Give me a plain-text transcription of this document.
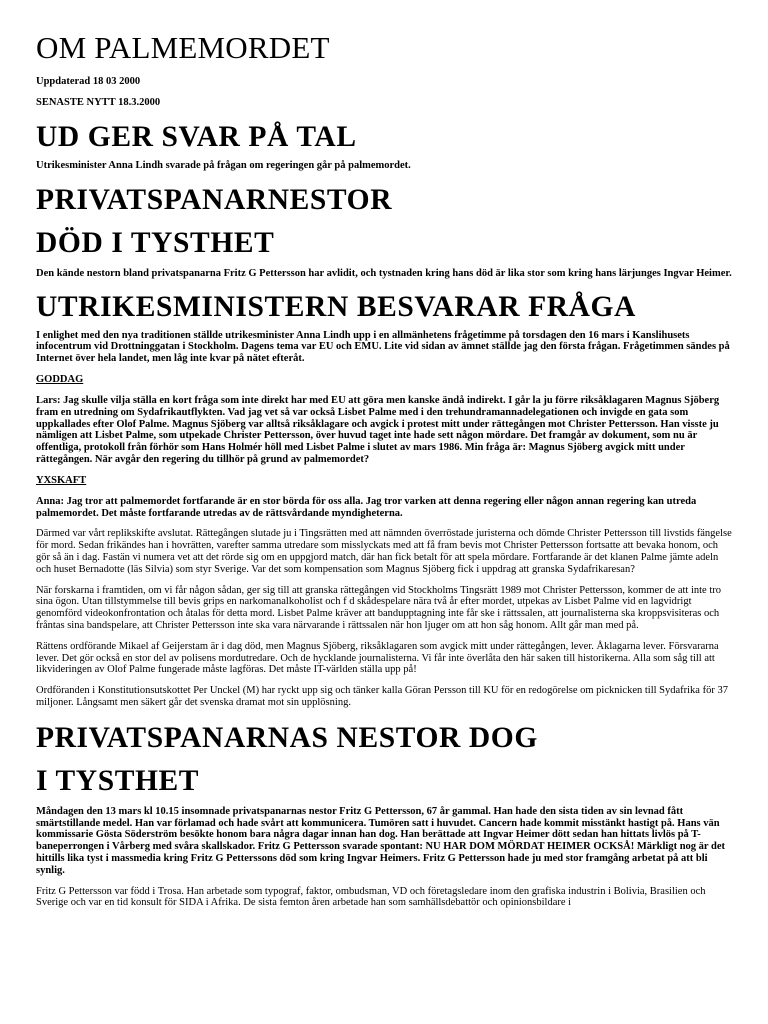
OM PALMEMORDET

Uppdaterad 18 03 2000

SENASTE NYTT 18.3.2000

UD GER SVAR PÅ TAL

Utrikesminister Anna Lindh svarade på frågan om regeringen går på palmemordet.

PRIVATSPANARNESTOR
DÖD I TYSTHET

Den kände nestorn bland privatspanarna Fritz G Pettersson har avlidit, och tystnaden kring hans död är lika stor som kring hans lärjunges Ingvar Heimer.

UTRIKESMINISTERN BESVARAR FRÅGA

I enlighet med den nya traditionen ställde utrikesminister Anna Lindh upp i en allmänhetens frågetimme på torsdagen den 16 mars i Kanslihusets infocentrum vid Drottninggatan i Stockholm. Dagens tema var EU och EMU. Lite vid sidan av ämnet ställde jag den första frågan. Frågetimmen sändes på Internet över hela landet, men låg inte kvar på nätet efteråt.

GODDAG

Lars: Jag skulle vilja ställa en kort fråga som inte direkt har med EU att göra men kanske ändå indirekt. I går la ju förre riksåklagaren Magnus Sjöberg fram en utredning om Sydafrikautflykten. Vad jag vet så var också Lisbet Palme med i den trehundramannadelegationen och invigde en gata som uppkallades efter Olof Palme. Magnus Sjöberg var alltså riksåklagare och avgick i protest mitt under rättegången mot Christer Pettersson. Han visste ju nämligen att Lisbet Palme, som utpekade Christer Pettersson, över huvud taget inte hade sett någon mördare. Det framgår av dokument, som nu är offentliga, protokoll från förhör som Hans Holmér höll med Lisbet Palme i slutet av mars 1986. Min fråga är: Magnus Sjöberg avgick mitt under rättegången. När avgår den regering du tillhör på grund av palmemordet?

YXSKAFT

Anna: Jag tror att palmemordet fortfarande är en stor börda för oss alla. Jag tror varken att denna regering eller någon annan regering kan utreda palmemordet. Det måste fortfarande utredas av de rättsvårdande myndigheterna.

Därmed var vårt replikskifte avslutat. Rättegången slutade ju i Tingsrätten med att nämnden överröstade juristerna och dömde Christer Pettersson till livstids fängelse för mord. Sedan frikändes han i hovrätten, varefter samma utredare som misslyckats med att få fram bevis mot Christer Pettersson fortsatte att bevaka honom, och gör så än i dag. Fastän vi numera vet att det rörde sig om en uppgjord match, där han fick betalt för att spela mördare. Fortfarande är det klanen Palme jämte adeln och huset Bernadotte (läs Silvia) som styr Sverige. Var det som kompensation som Magnus Sjöberg fick i uppdrag att granska Sydafrikaresan?

När forskarna i framtiden, om vi får någon sådan, ger sig till att granska rättegången vid Stockholms Tingsrätt 1989 mot Christer Pettersson, kommer de att inte tro sina ögon. Utan tillstymmelse till bevis grips en narkomanalkoholist och f d skådespelare nära två år efter mordet, utpekas av Lisbet Palme vid en lagvidrigt genomförd videokonfrontation och åtalas för detta mord. Lisbet Palme kräver att bandupptagning inte får ske i rättssalen, att journalisterna ska kroppsvisiteras och fråntas sina bandspelare, att Christer Pettersson inte ska vara närvarande i rättssalen när hon ljuger om att hon såg honom. Allt går man med på.

Rättens ordförande Mikael af Geijerstam är i dag död, men Magnus Sjöberg, riksåklagaren som avgick mitt under rättegången, lever. Åklagarna lever. Försvararna lever. Det gör också en stor del av polisens mordutredare. Och de hycklande journalisterna. Vi får inte överlåta den här saken till historikerna. Alla som såg till att likvideringen av Olof Palme fungerade måste lagföras. Det måste IT-världen ställa upp på!

Ordföranden i Konstitutionsutskottet Per Unckel (M) har ryckt upp sig och tänker kalla Göran Persson till KU för en redogörelse om picknicken till Sydafrika för 37 miljoner. Långsamt men säkert går det svenska dramat mot sin upplösning.

PRIVATSPANARNAS NESTOR DOG
I TYSTHET

Måndagen den 13 mars kl 10.15 insomnade privatspanarnas nestor Fritz G Pettersson, 67 år gammal. Han hade den sista tiden av sin levnad fått smärtstillande medel. Han var förlamad och hade svårt att kommunicera. Tumören satt i huvudet. Cancern hade kommit misstänkt hastigt på. Hans vän kommissarie Gösta Söderström besökte honom bara några dagar innan han dog. Han berättade att Ingvar Heimer dött sedan han hittats livlös på T-baneperrongen i Vårberg med svåra skallskador. Fritz G Pettersson svarade spontant: NU HAR DOM MÖRDAT HEIMER OCKSÅ! Märkligt nog är det hittills lika tyst i massmedia kring Fritz G Petterssons död som kring Ingvar Heimers. Fritz G Pettersson hade ju med stor framgång arbetat på att bli synlig.

Fritz G Pettersson var född i Trosa. Han arbetade som typograf, faktor, ombudsman, VD och företagsledare inom den grafiska industrin i Bolivia, Brasilien och Sverige och var en tid konsult för SIDA i Afrika. De sista femton åren arbetade han som samhällsdebattör och opinionsbildare i
